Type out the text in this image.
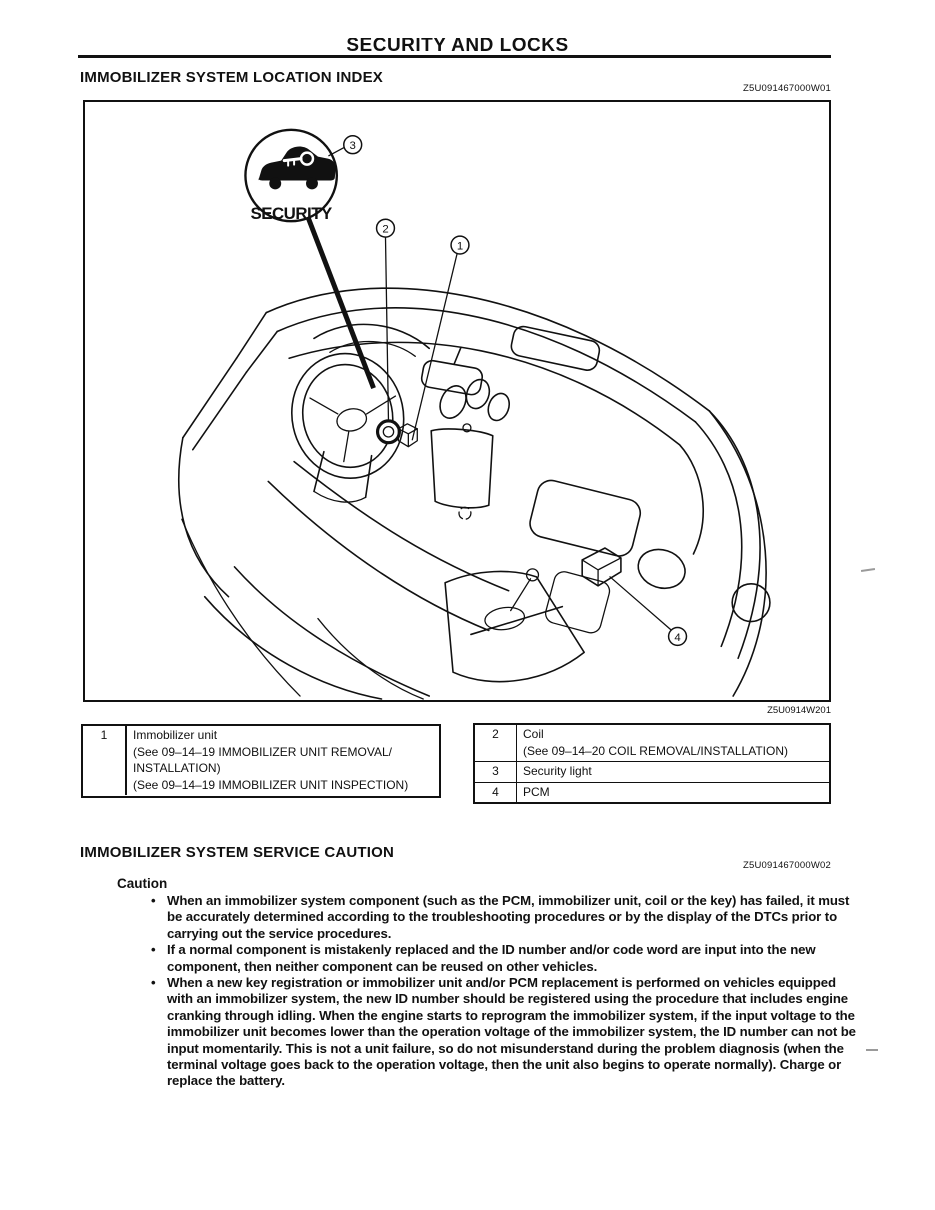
SECURITY AND LOCKS
IMMOBILIZER SYSTEM LOCATION INDEX
Z5U091467000W01
SECURITY
3
2
1
4
Z5U0914W201
1	Immobilizer unit
(See 09–14–19 IMMOBILIZER UNIT REMOVAL/
INSTALLATION)
(See 09–14–19 IMMOBILIZER UNIT INSPECTION)
2	Coil
(See 09–14–20 COIL REMOVAL/INSTALLATION)
3	Security light
4	PCM
IMMOBILIZER SYSTEM SERVICE CAUTION
Z5U091467000W02
Caution
• When an immobilizer system component (such as the PCM, immobilizer unit, coil or the key) has failed, it must be accurately determined according to the troubleshooting procedures or by the display of the DTCs prior to carrying out the service procedures.
• If a normal component is mistakenly replaced and the ID number and/or code word are input into the new component, then neither component can be reused on other vehicles.
• When a new key registration or immobilizer unit and/or PCM replacement is performed on vehicles equipped with an immobilizer system, the new ID number should be registered using the procedure that includes engine cranking through idling. When the engine starts to reprogram the immobilizer system, if the input voltage to the immobilizer unit becomes lower than the operation voltage of the immobilizer system, the ID number can not be input momentarily. This is not a unit failure, so do not misunderstand during the problem diagnosis (when the terminal voltage goes back to the operation voltage, then the unit also begins to operate normally). Charge or replace the battery.
